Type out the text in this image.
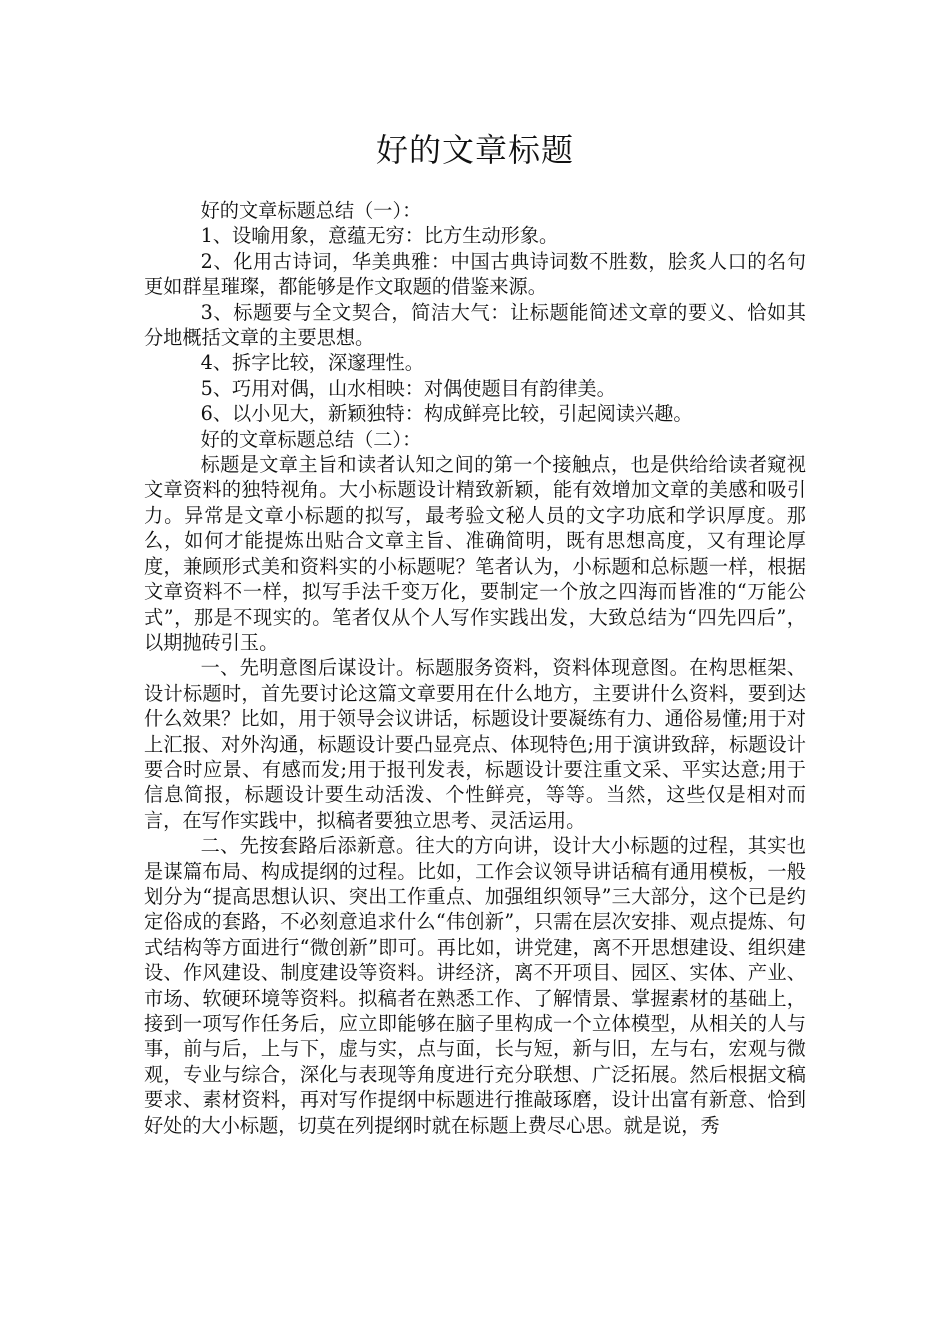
好的文章标题

好的文章标题总结（一）：

1、设喻用象，意蕴无穷：比方生动形象。

2、化用古诗词，华美典雅：中国古典诗词数不胜数，脍炙人口的名句更如群星璀璨，都能够是作文取题的借鉴来源。

3、标题要与全文契合，简洁大气：让标题能简述文章的要义、恰如其分地概括文章的主要思想。

4、拆字比较，深邃理性。

5、巧用对偶，山水相映：对偶使题目有韵律美。

6、以小见大，新颖独特：构成鲜亮比较，引起阅读兴趣。

好的文章标题总结（二）：

标题是文章主旨和读者认知之间的第一个接触点，也是供给给读者窥视文章资料的独特视角。大小标题设计精致新颖，能有效增加文章的美感和吸引力。异常是文章小标题的拟写，最考验文秘人员的文字功底和学识厚度。那么，如何才能提炼出贴合文章主旨、准确简明，既有思想高度，又有理论厚度，兼顾形式美和资料实的小标题呢？笔者认为，小标题和总标题一样，根据文章资料不一样，拟写手法千变万化，要制定一个放之四海而皆准的“万能公式”，那是不现实的。笔者仅从个人写作实践出发，大致总结为“四先四后”，以期抛砖引玉。

一、先明意图后谋设计。标题服务资料，资料体现意图。在构思框架、设计标题时，首先要讨论这篇文章要用在什么地方，主要讲什么资料，要到达什么效果？比如，用于领导会议讲话，标题设计要凝练有力、通俗易懂;用于对上汇报、对外沟通，标题设计要凸显亮点、体现特色;用于演讲致辞，标题设计要合时应景、有感而发;用于报刊发表，标题设计要注重文采、平实达意;用于信息简报，标题设计要生动活泼、个性鲜亮，等等。当然，这些仅是相对而言，在写作实践中，拟稿者要独立思考、灵活运用。

二、先按套路后添新意。往大的方向讲，设计大小标题的过程，其实也是谋篇布局、构成提纲的过程。比如，工作会议领导讲话稿有通用模板，一般划分为“提高思想认识、突出工作重点、加强组织领导”三大部分，这个已是约定俗成的套路，不必刻意追求什么“伟创新”，只需在层次安排、观点提炼、句式结构等方面进行“微创新”即可。再比如，讲党建，离不开思想建设、组织建设、作风建设、制度建设等资料。讲经济，离不开项目、园区、实体、产业、市场、软硬环境等资料。拟稿者在熟悉工作、了解情景、掌握素材的基础上，接到一项写作任务后，应立即能够在脑子里构成一个立体模型，从相关的人与事，前与后，上与下，虚与实，点与面，长与短，新与旧，左与右，宏观与微观，专业与综合，深化与表现等角度进行充分联想、广泛拓展。然后根据文稿要求、素材资料，再对写作提纲中标题进行推敲琢磨，设计出富有新意、恰到好处的大小标题，切莫在列提纲时就在标题上费尽心思。就是说，秀
